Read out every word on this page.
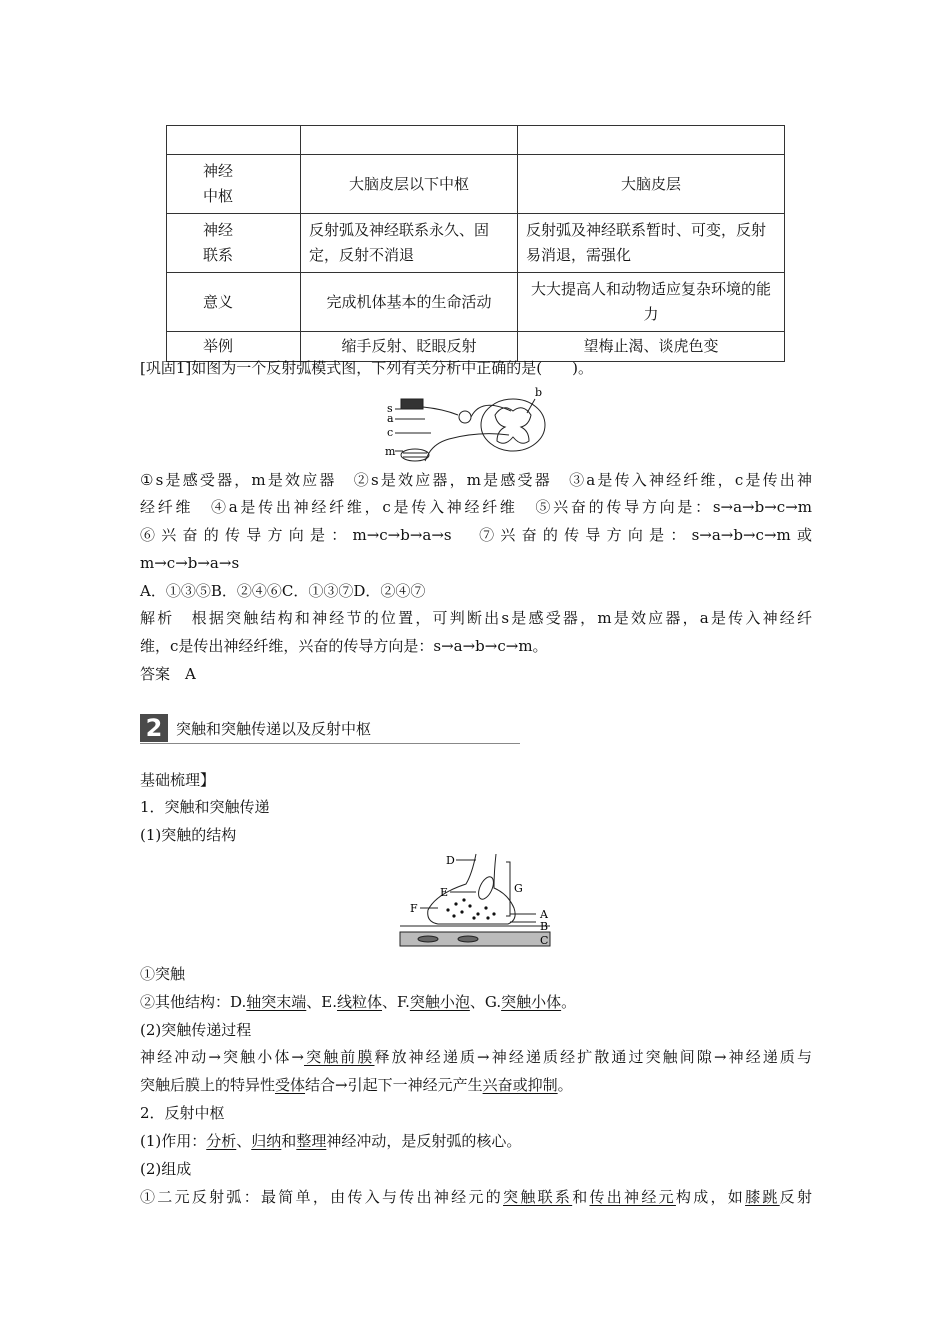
神经
中枢	大脑皮层以下中枢	大脑皮层
神经
联系	反射弧及神经联系永久、固定，反射不消退	反射弧及神经联系暂时、可变，反射易消退，需强化
意义	完成机体基本的生命活动	大大提高人和动物适应复杂环境的能力
举例	缩手反射、眨眼反射	望梅止渴、谈虎色变
[巩固1]如图为一个反射弧模式图，下列有关分析中正确的是(　　)。
s
a
c
m
b
①s是感受器，m是效应器　②s是效应器，m是感受器　③a是传入神经纤维，c是传出神
经纤维　④a是传出神经纤维，c是传入神经纤维　⑤兴奋的传导方向是：s→a→b→c→m
⑥兴奋的传导方向是：m→c→b→a→s　⑦兴奋的传导方向是：s→a→b→c→m或
m→c→b→a→s
A．①③⑤B．②④⑥C．①③⑦D．②④⑦
解析　根据突触结构和神经节的位置，可判断出s是感受器，m是效应器，a是传入神经纤
维，c是传出神经纤维，兴奋的传导方向是：s→a→b→c→m。
答案　A
2 突触和突触传递以及反射中枢
基础梳理】
1．突触和突触传递
(1)突触的结构
D
E
F
G
A
B
C
①突触
②其他结构：D.轴突末端、E.线粒体、F.突触小泡、G.突触小体。
(2)突触传递过程
神经冲动→突触小体→突触前膜释放神经递质→神经递质经扩散通过突触间隙→神经递质与
突触后膜上的特异性受体结合→引起下一神经元产生兴奋或抑制。
2．反射中枢
(1)作用：分析、归纳和整理神经冲动，是反射弧的核心。
(2)组成
①二元反射弧：最简单，由传入与传出神经元的突触联系和传出神经元构成，如膝跳反射
